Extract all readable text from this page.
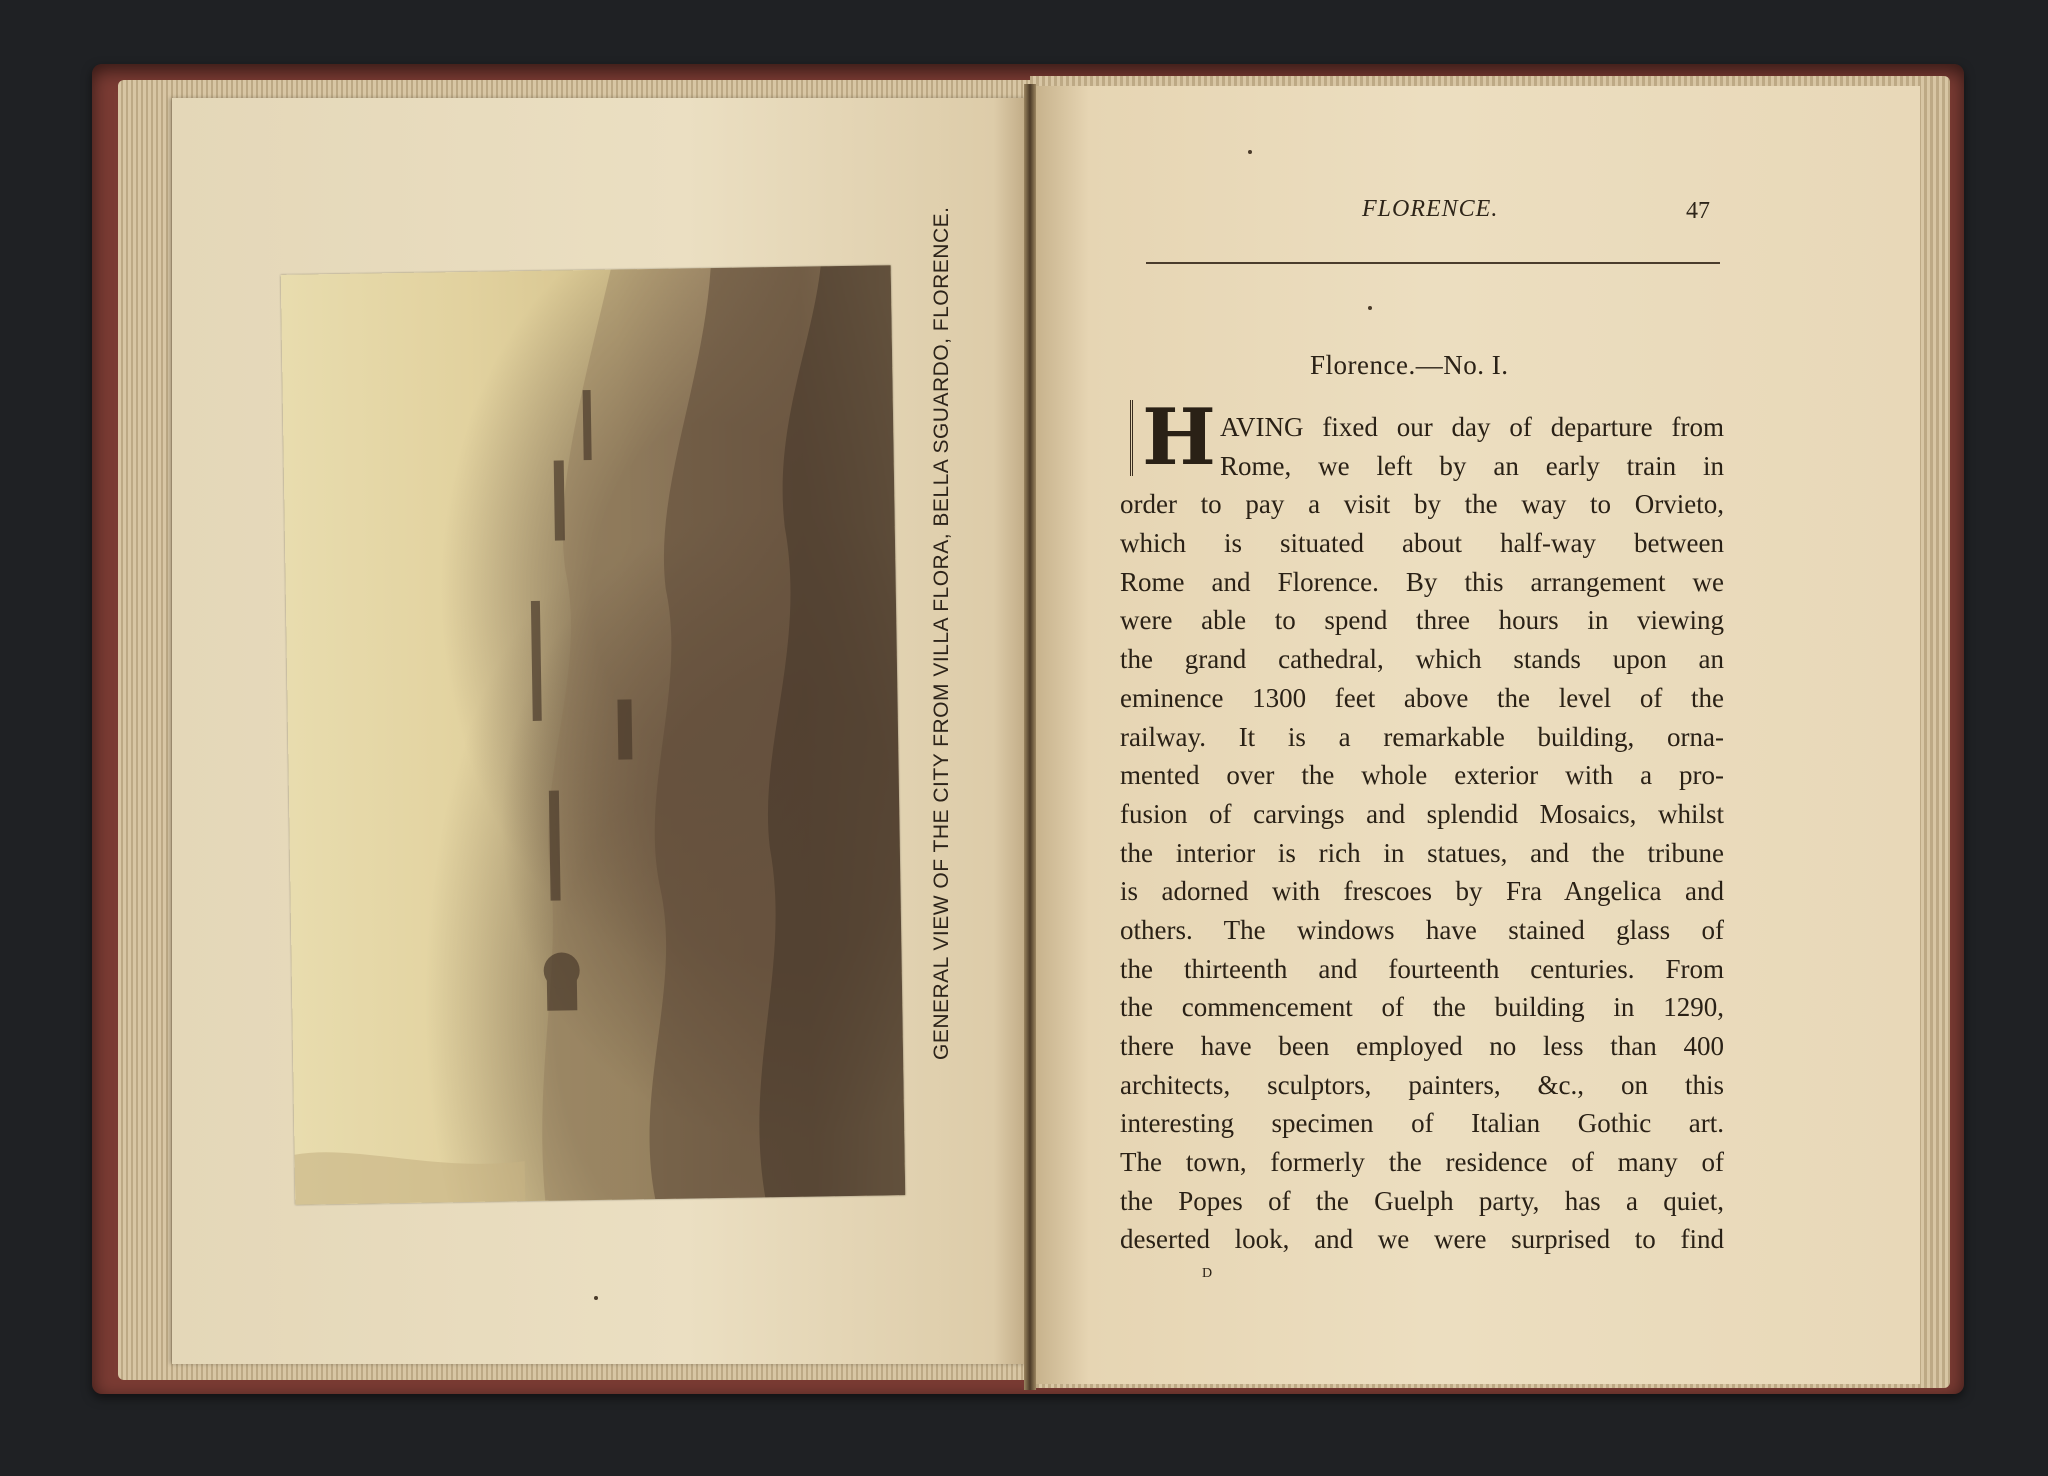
GENERAL VIEW OF THE CITY FROM VILLA FLORA, BELLA SGUARDO, FLORENCE.	FLORENCE.	47
Florence.—No. I.
H AVING fixed our day of departure from
Rome, we left by an early train in
order to pay a visit by the way to Orvieto,
which is situated about half-way between
Rome and Florence. By this arrangement we
were able to spend three hours in viewing
the grand cathedral, which stands upon an
eminence 1300 feet above the level of the
railway. It is a remarkable building, orna-
mented over the whole exterior with a pro-
fusion of carvings and splendid Mosaics, whilst
the interior is rich in statues, and the tribune
is adorned with frescoes by Fra Angelica and
others. The windows have stained glass of
the thirteenth and fourteenth centuries. From
the commencement of the building in 1290,
there have been employed no less than 400
architects, sculptors, painters, &c., on this
interesting specimen of Italian Gothic art.
The town, formerly the residence of many of
the Popes of the Guelph party, has a quiet,
deserted look, and we were surprised to find
D
